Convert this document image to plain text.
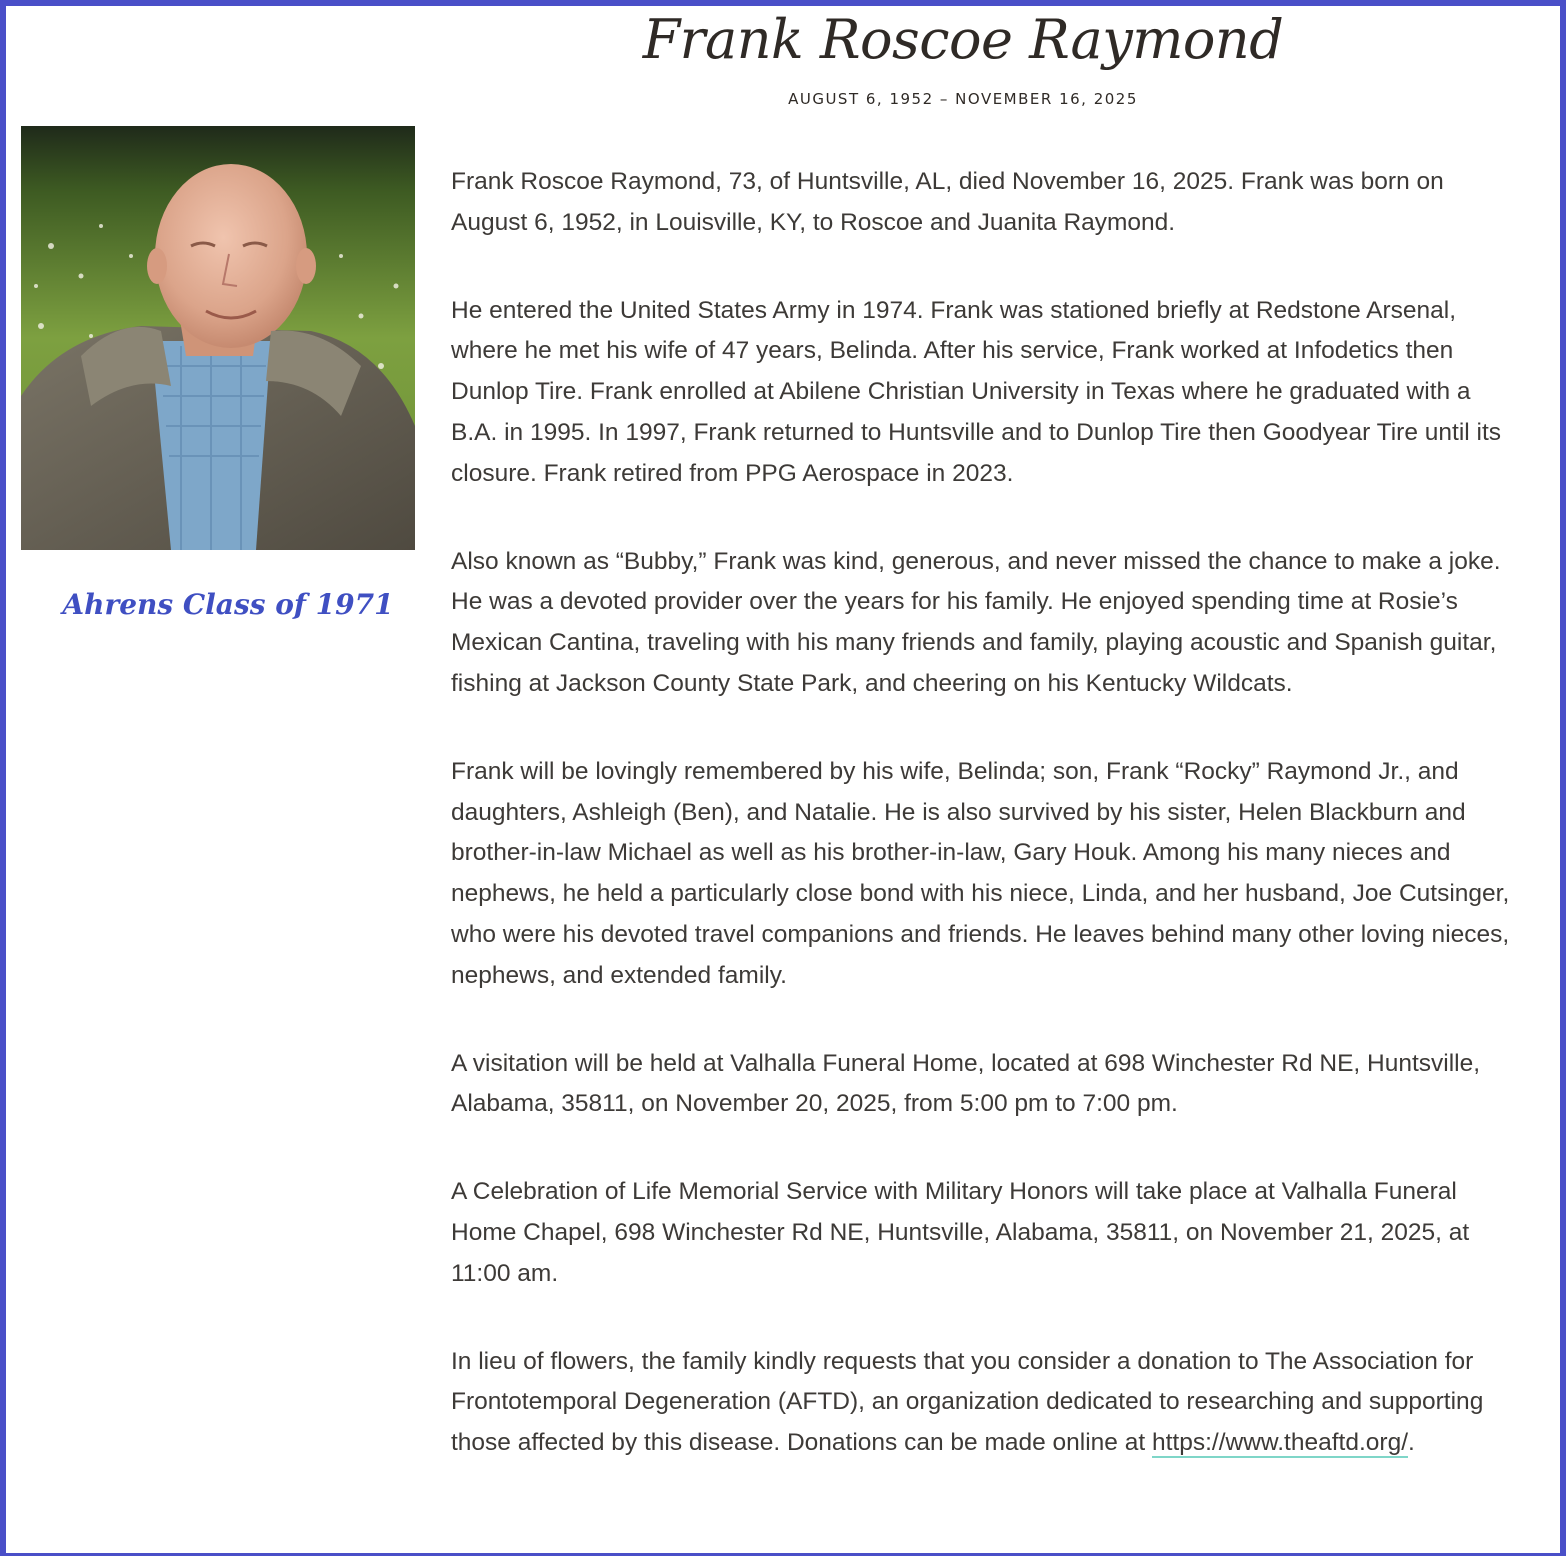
Frank Roscoe Raymond
AUGUST 6, 1952 – NOVEMBER 16, 2025
Ahrens Class of 1971

Frank Roscoe Raymond, 73, of Huntsville, AL, died November 16, 2025. Frank was born on August 6, 1952, in Louisville, KY, to Roscoe and Juanita Raymond.

He entered the United States Army in 1974. Frank was stationed briefly at Redstone Arsenal, where he met his wife of 47 years, Belinda. After his service, Frank worked at Infodetics then Dunlop Tire. Frank enrolled at Abilene Christian University in Texas where he graduated with a B.A. in 1995. In 1997, Frank returned to Huntsville and to Dunlop Tire then Goodyear Tire until its closure. Frank retired from PPG Aerospace in 2023.

Also known as “Bubby,” Frank was kind, generous, and never missed the chance to make a joke. He was a devoted provider over the years for his family. He enjoyed spending time at Rosie’s Mexican Cantina, traveling with his many friends and family, playing acoustic and Spanish guitar, fishing at Jackson County State Park, and cheering on his Kentucky Wildcats.

Frank will be lovingly remembered by his wife, Belinda; son, Frank “Rocky” Raymond Jr., and daughters, Ashleigh (Ben), and Natalie. He is also survived by his sister, Helen Blackburn and brother-in-law Michael as well as his brother-in-law, Gary Houk. Among his many nieces and nephews, he held a particularly close bond with his niece, Linda, and her husband, Joe Cutsinger, who were his devoted travel companions and friends. He leaves behind many other loving nieces, nephews, and extended family.

A visitation will be held at Valhalla Funeral Home, located at 698 Winchester Rd NE, Huntsville, Alabama, 35811, on November 20, 2025, from 5:00 pm to 7:00 pm.

A Celebration of Life Memorial Service with Military Honors will take place at Valhalla Funeral Home Chapel, 698 Winchester Rd NE, Huntsville, Alabama, 35811, on November 21, 2025, at 11:00 am.

In lieu of flowers, the family kindly requests that you consider a donation to The Association for Frontotemporal Degeneration (AFTD), an organization dedicated to researching and supporting those affected by this disease. Donations can be made online at https://www.theaftd.org/.
